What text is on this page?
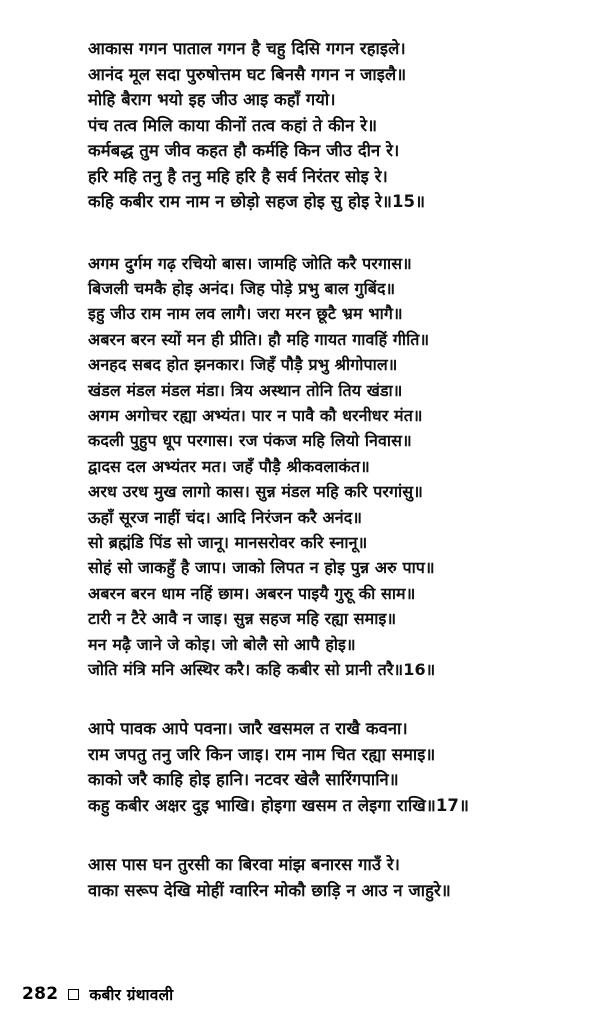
आकास गगन पाताल गगन है चहु दिसि गगन रहाइले।
आनंद मूल सदा पुरुषोत्तम घट बिनसै गगन न जाइलै॥
मोहि बैराग भयो इह जीउ आइ कहाँ गयो।
पंच तत्व मिलि काया कीनों तत्व कहां ते कीन रे॥
कर्मबद्ध तुम जीव कहत हौ कर्महि किन जीउ दीन रे।
हरि महि तनु है तनु महि हरि है सर्व निरंतर सोइ रे।
कहि कबीर राम नाम न छोड़ो सहज होइ सु होइ रे॥15॥
अगम दुर्गम गढ़ रचियो बास। जामहि जोति करै परगास॥
बिजली चमकै होइ अनंद। जिह पोड़े प्रभु बाल गुबिंद॥
इहु जीउ राम नाम लव लागै। जरा मरन छूटै भ्रम भागै॥
अबरन बरन स्यों मन ही प्रीति। हौ महि गायत गावहिं गीति॥
अनहद सबद होत झनकार। जिहँ पौड़ै प्रभु श्रीगोपाल॥
खंडल मंडल मंडल मंडा। त्रिय अस्थान तोनि तिय खंडा॥
अगम अगोचर रह्या अभ्यंत। पार न पावै कौ धरनीधर मंत॥
कदली पुहुप धूप परगास। रज पंकज महि लियो निवास॥
द्वादस दल अभ्यंतर मत। जहँ पौड़ै श्रीकवलाकंत॥
अरध उरध मुख लागो कास। सुन्न मंडल महि करि परगांसु॥
ऊहाँ सूरज नाहीं चंद। आदि निरंजन करै अनंद॥
सो ब्रह्मंडि पिंड सो जानू। मानसरोवर करि स्नानू॥
सोहं सो जाकहुँ है जाप। जाको लिपत न होइ पुन्न अरु पाप॥
अबरन बरन धाम नहिं छाम। अबरन पाइयै गुरुू की साम॥
टारी न टैरे आवै न जाइ। सुन्न सहज महि रह्या समाइ॥
मन मढ़ै जाने जे कोइ। जो बोलै सो आपै होइ॥
जोति मंत्रि मनि अस्थिर करै। कहि कबीर सो प्रानी तरै॥16॥
आपे पावक आपे पवना। जारै खसमल त राखै कवना।
राम जपतु तनु जरि किन जाइ। राम नाम चित रह्या समाइ॥
काको जरै काहि होइ हानि। नटवर खेलै सारिंगपानि॥
कहु कबीर अक्षर दुइ भाखि। होइगा खसम त लेइगा राखि॥17॥
आस पास घन तुरसी का बिरवा मांझ बनारस गाउँ रे।
वाका सरूप देखि मोहीं ग्वारिन मोकौ छाड़ि न आउ न जाहुरे॥
282 कबीर ग्रंथावली
